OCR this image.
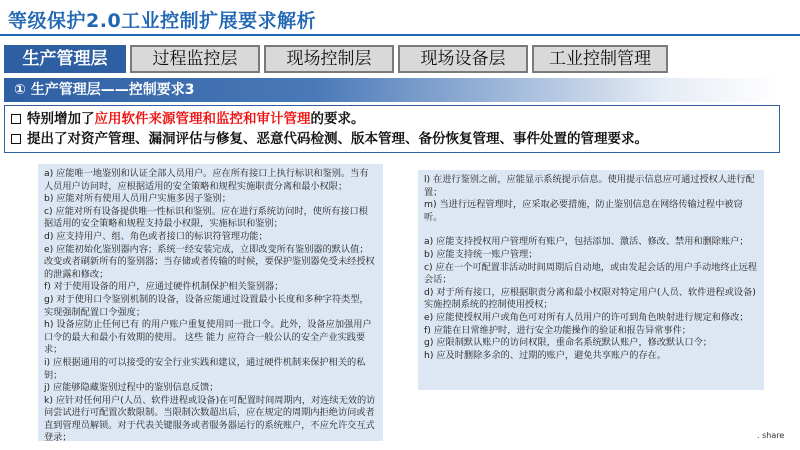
等级保护2.0工业控制扩展要求解析
生产管理层	过程监控层	现场控制层	现场设备层	工业控制管理
① 生产管理层——控制要求3
特别增加了应用软件来源管理和监控和审计管理的要求。
提出了对资产管理、漏洞评估与修复、恶意代码检测、版本管理、备份恢复管理、事件处置的管理要求。

a) 应能唯一地鉴别和认证全部人员用户。应在所有接口上执行标识和鉴别。当有人员用户访问时，应根据适用的安全策略和规程实施职责分离和最小权限；

b) 应能对所有使用人员用户实施多因子鉴别；

c) 应能对所有设备提供唯一性标识和鉴别。应在进行系统访问时，使所有接口根据适用的安全策略和规程支持最小权限，实施标识和鉴别；

d) 应支持用户、组、角色或者接口的标识符管理功能；

e) 应能初始化鉴别器内容；系统一经安装完成，立即改变所有鉴别器的默认值；改变或者刷新所有的鉴别器；当存储或者传输的时候，要保护鉴别器免受未经授权的泄露和修改；

f) 对于使用设备的用户，应通过硬件机制保护相关鉴别器；

g) 对于使用口令鉴别机制的设备，设备应能通过设置最小长度和多种字符类型， 实现强制配置口令强度；

h) 设备应防止任何已有 的用户账户重复使用同一批口令。此外，设备应加强用户口令的最大和最小有效期的使用。 这些 能力 应符合一般公认的安全产业实践要求；

i) 应根据通用的可以接受的安全行业实践和建议，通过硬件机制来保护相关的私钥；

j) 应能够隐藏鉴别过程中的鉴别信息反馈；

k) 应针对任何用户(人员、软件进程或设备)在可配置时间周期内，对连续无效的访问尝试进行可配置次数限制。当限制次数超出后，应在规定的周期内拒绝访问或者直到管理员解锁。对于代表关键服务或者服务器运行的系统账户，不应允许交互式登录；

l) 在进行鉴别之前，应能显示系统提示信息。使用提示信息应可通过授权人进行配置；

m) 当进行远程管理时，应采取必要措施，防止鉴别信息在网络传输过程中被窃听。

a) 应能支持授权用户管理所有账户，包括添加、激活、修改、禁用和删除账户；

b) 应能支持统一账户管理；

c) 应在一个可配置非活动时间周期后自动地，或由发起会话的用户手动地终止远程会话；

d) 对于所有接口，应根据职责分离和最小权限对特定用户(人员、软件进程或设备)实施控制系统的控制使用授权；

e) 应能使授权用户或角色可对所有人员用户的许可到角色映射进行规定和修改；

f) 应能在日常维护时，进行安全功能操作的验证和报告异常事件；

g) 应限制默认账户的访问权限，重命名系统默认账户，修改默认口令；

h) 应及时删除多余的、过期的账户，避免共享账户的存在。

. share
